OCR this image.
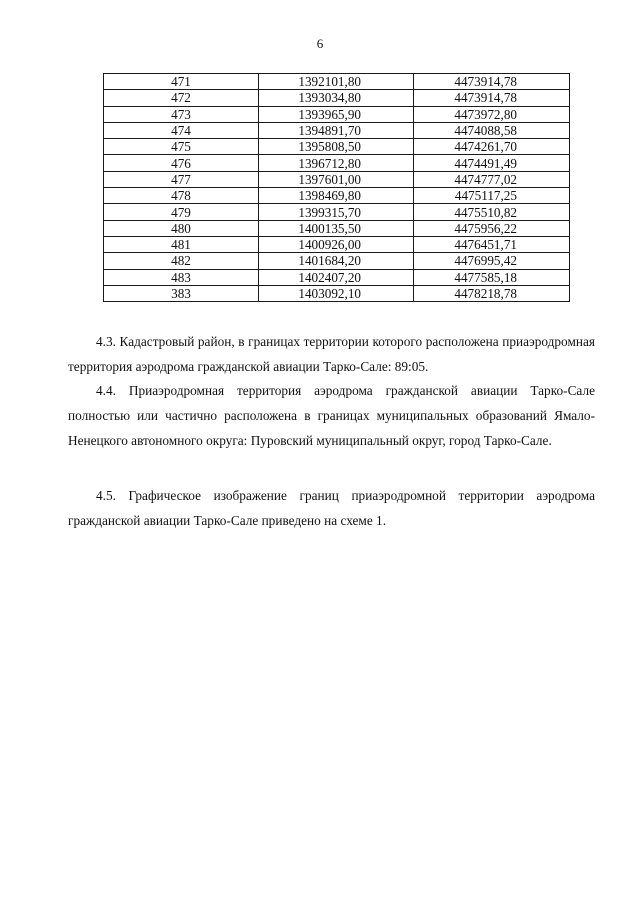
6
471	1392101,80	4473914,78
472	1393034,80	4473914,78
473	1393965,90	4473972,80
474	1394891,70	4474088,58
475	1395808,50	4474261,70
476	1396712,80	4474491,49
477	1397601,00	4474777,02
478	1398469,80	4475117,25
479	1399315,70	4475510,82
480	1400135,50	4475956,22
481	1400926,00	4476451,71
482	1401684,20	4476995,42
483	1402407,20	4477585,18
383	1403092,10	4478218,78

4.3. Кадастровый район, в границах территории которого расположена приаэродромная территория аэродрома гражданской авиации Тарко-Сале: 89:05.

4.4. Приаэродромная территория аэродрома гражданской авиации Тарко-Сале полностью или частично расположена в границах муниципальных образований Ямало-Ненецкого автономного округа: Пуровский муниципальный округ, город Тарко-Сале.

4.5. Графическое изображение границ приаэродромной территории аэродрома гражданской авиации Тарко-Сале приведено на схеме 1.
